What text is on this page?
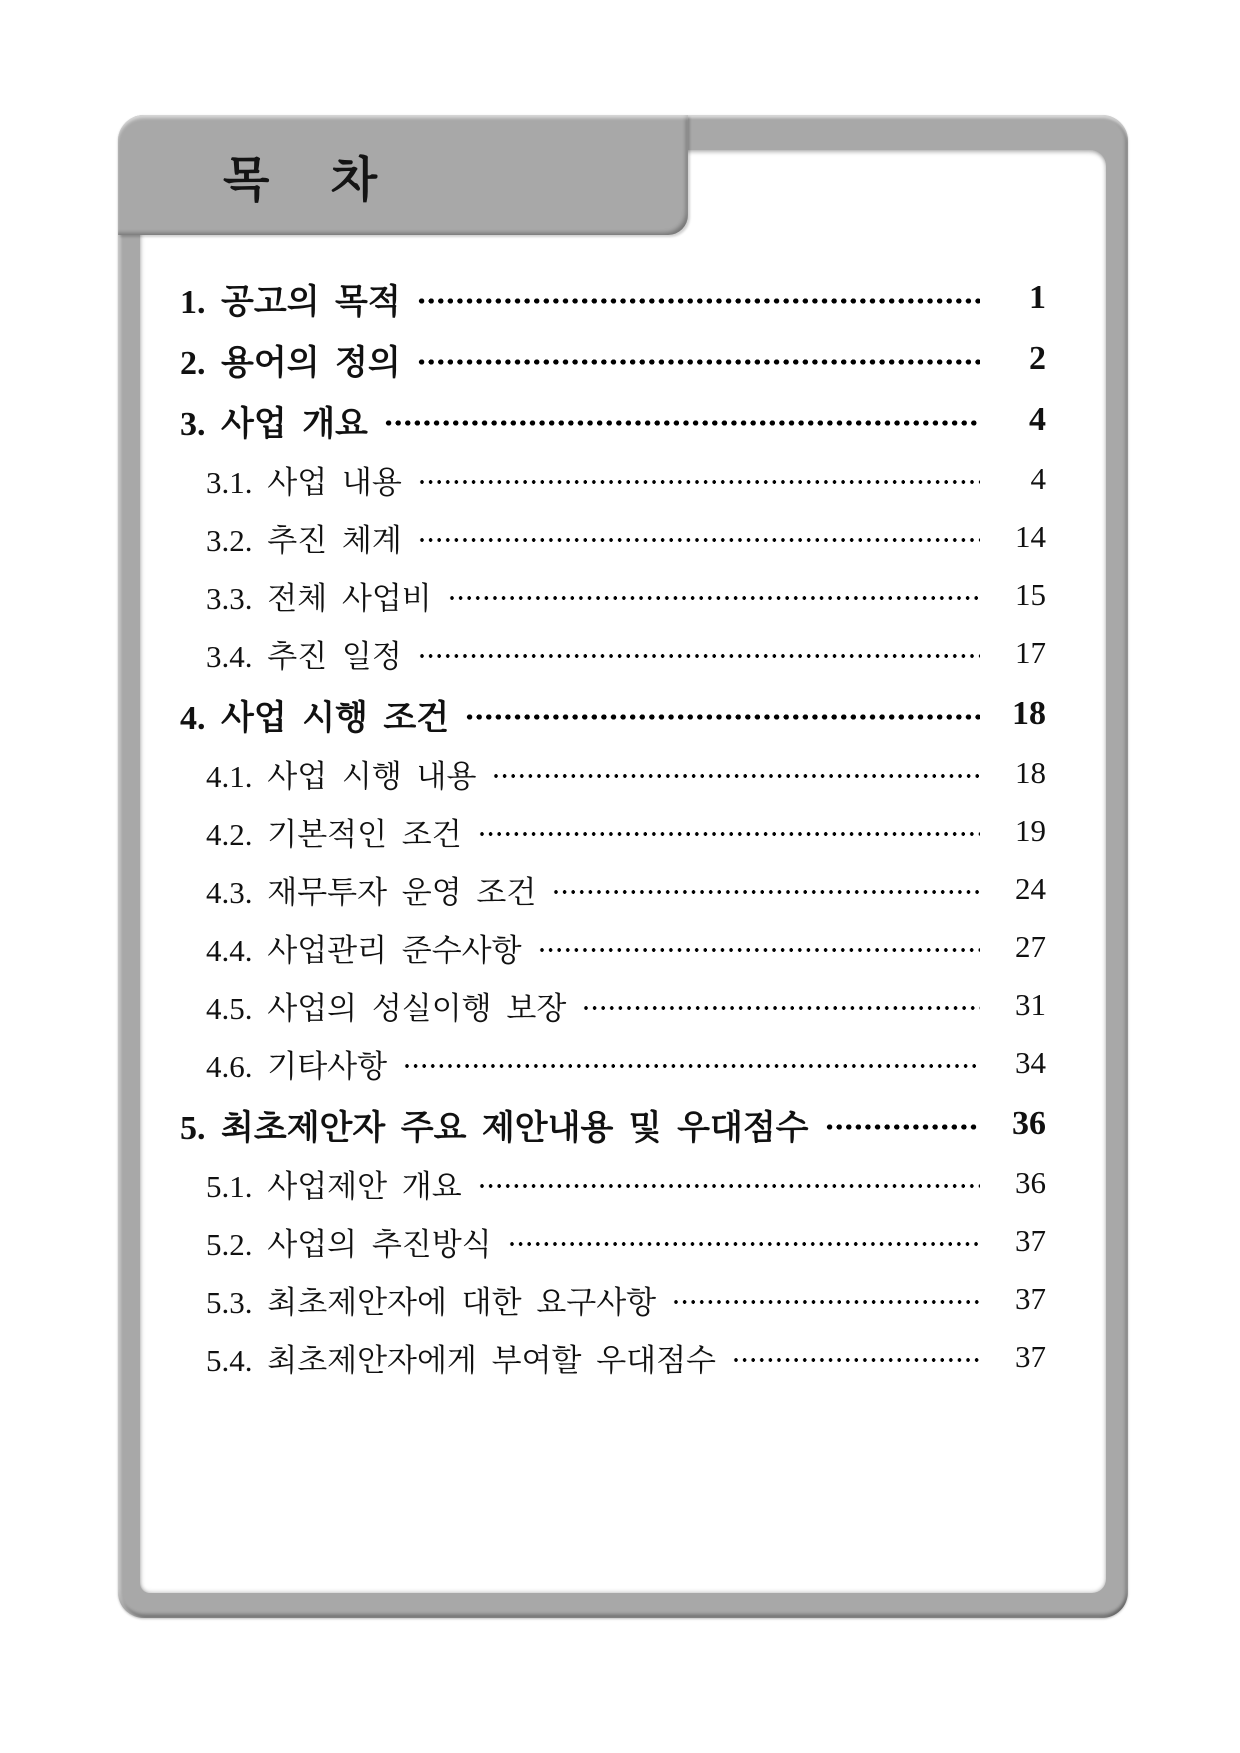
1. 공고의 목적	1
2. 용어의 정의	2
3. 사업 개요	4
3.1. 사업 내용	4
3.2. 추진 체계	14
3.3. 전체 사업비	15
3.4. 추진 일정	17
4. 사업 시행 조건	18
4.1. 사업 시행 내용	18
4.2. 기본적인 조건	19
4.3. 재무투자 운영 조건	24
4.4. 사업관리 준수사항	27
4.5. 사업의 성실이행 보장	31
4.6. 기타사항	34
5. 최초제안자 주요 제안내용 및 우대점수	36
5.1. 사업제안 개요	36
5.2. 사업의 추진방식	37
5.3. 최초제안자에 대한 요구사항	37
5.4. 최초제안자에게 부여할 우대점수	37
목 차
